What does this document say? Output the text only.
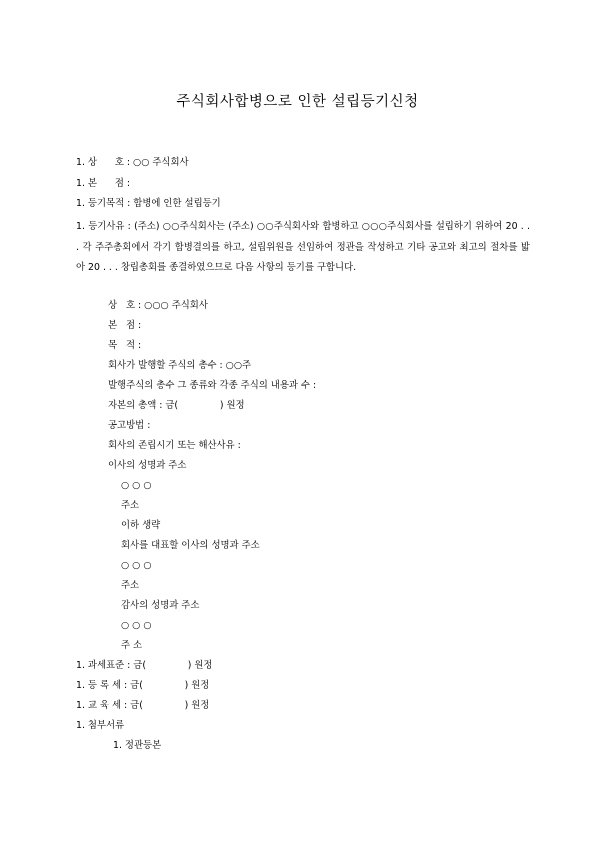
주식회사합병으로 인한 설립등기신청
1. 상      호 : ○○ 주식회사
1. 본      점 :
1. 등기목적 : 합병에 인한 설립등기
1. 등기사유 : (주소) ○○주식회사는 (주소) ○○주식회사와 합병하고 ○○○주식회사를 설립하기 위하여 20 . . . 각 주주총회에서 각기 합병결의를 하고, 설립위원을 선임하여 정관을 작성하고 기타 공고와 최고의 절차를 밟아 20 . . . 창립총회를 종결하였으므로 다음 사항의 등기를 구합니다.
상   호 : ○○○ 주식회사
본   점 :
목   적 :
회사가 발행할 주식의 총수 : ○○주
발행주식의 총수 그 종류와 각종 주식의 내용과 수 :
자본의 총액 : 금(              ) 원정
공고방법 :
회사의 존립시기 또는 해산사유 :
이사의 성명과 주소
○ ○ ○
주소
이하 생략
회사를 대표할 이사의 성명과 주소
○ ○ ○
주소
감사의 성명과 주소
○ ○ ○
주 소
1. 과세표준 : 금(              ) 원정
1. 등 록 세 : 금(              ) 원정
1. 교 육 세 : 금(              ) 원정
1. 첨부서류
1. 정관등본
